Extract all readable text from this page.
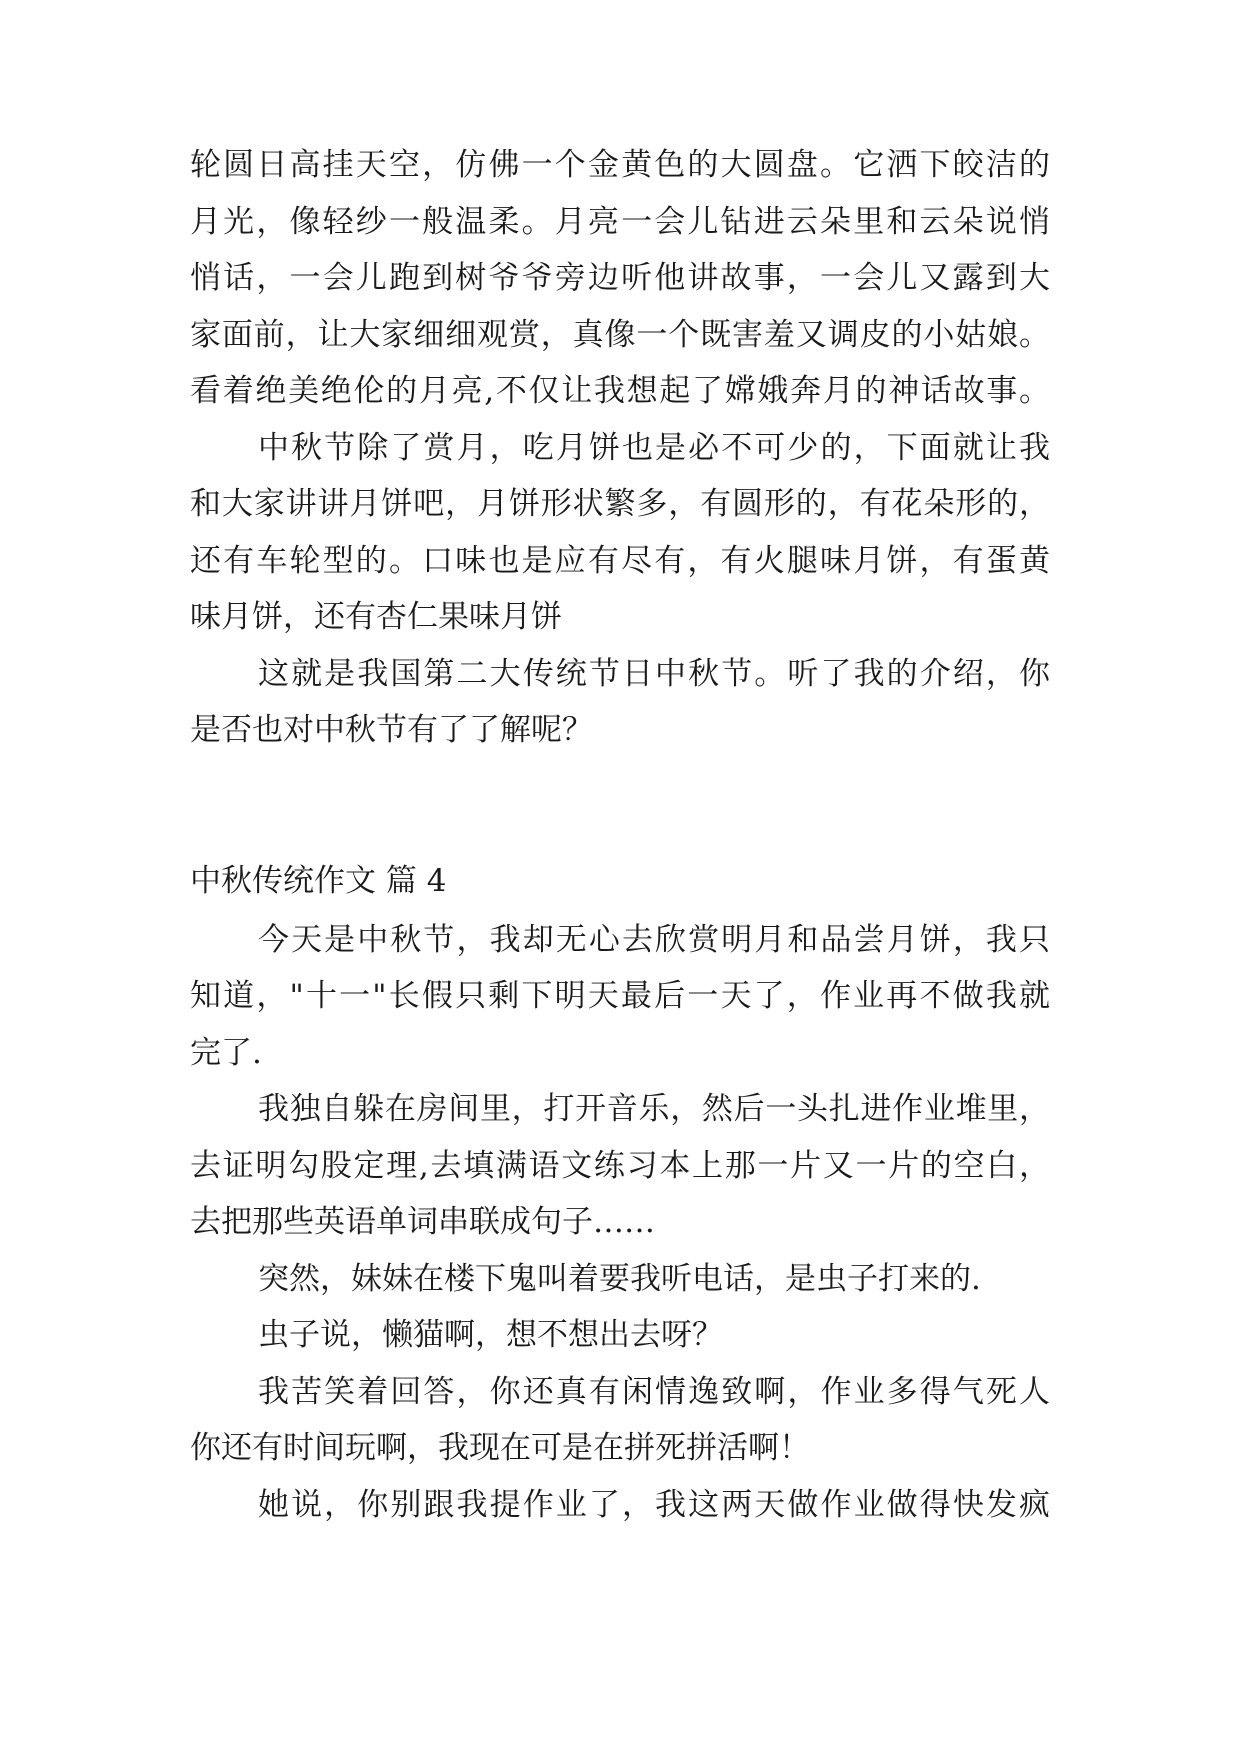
轮圆日高挂天空，仿佛一个金黄色的大圆盘。它洒下皎洁的
月光，像轻纱一般温柔。月亮一会儿钻进云朵里和云朵说悄
悄话，一会儿跑到树爷爷旁边听他讲故事，一会儿又露到大
家面前，让大家细细观赏，真像一个既害羞又调皮的小姑娘。
看着绝美绝伦的月亮,不仅让我想起了嫦娥奔月的神话故事。
中秋节除了赏月，吃月饼也是必不可少的，下面就让我
和大家讲讲月饼吧，月饼形状繁多，有圆形的，有花朵形的，
还有车轮型的。口味也是应有尽有，有火腿味月饼，有蛋黄
味月饼，还有杏仁果味月饼
这就是我国第二大传统节日中秋节。听了我的介绍，你
是否也对中秋节有了了解呢？
中秋传统作文 篇 4
今天是中秋节，我却无心去欣赏明月和品尝月饼，我只
知道，"十一"长假只剩下明天最后一天了，作业再不做我就
完了.
我独自躲在房间里，打开音乐，然后一头扎进作业堆里，
去证明勾股定理,去填满语文练习本上那一片又一片的空白，
去把那些英语单词串联成句子……
突然，妹妹在楼下鬼叫着要我听电话，是虫子打来的.
虫子说，懒猫啊，想不想出去呀？
我苦笑着回答，你还真有闲情逸致啊，作业多得气死人
你还有时间玩啊，我现在可是在拼死拼活啊！
她说，你别跟我提作业了，我这两天做作业做得快发疯
